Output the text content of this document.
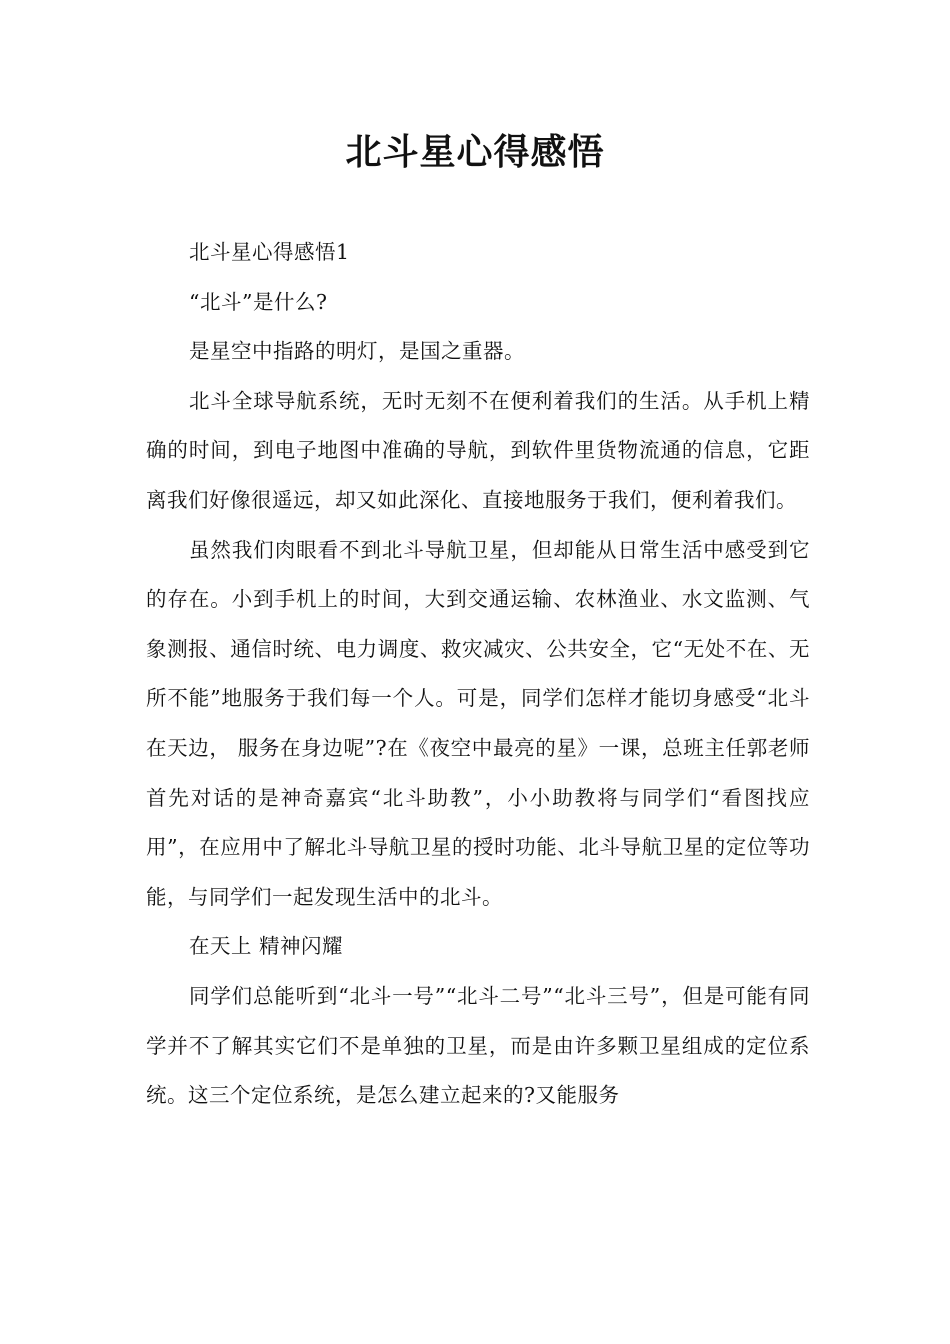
北斗星心得感悟

北斗星心得感悟1

“北斗”是什么?

是星空中指路的明灯，是国之重器。

北斗全球导航系统，无时无刻不在便利着我们的生活。从手机上精确的时间，到电子地图中准确的导航，到软件里货物流通的信息，它距离我们好像很遥远，却又如此深化、直接地服务于我们，便利着我们。

虽然我们肉眼看不到北斗导航卫星，但却能从日常生活中感受到它的存在。小到手机上的时间，大到交通运输、农林渔业、水文监测、气象测报、通信时统、电力调度、救灾减灾、公共安全，它“无处不在、无所不能”地服务于我们每一个人。可是，同学们怎样才能切身感受“北斗在天边， 服务在身边呢”?在《夜空中最亮的星》一课，总班主任郭老师首先对话的是神奇嘉宾“北斗助教”，小小助教将与同学们“看图找应用”，在应用中了解北斗导航卫星的授时功能、北斗导航卫星的定位等功能，与同学们一起发现生活中的北斗。

在天上 精神闪耀

同学们总能听到“北斗一号”“北斗二号”“北斗三号”，但是可能有同学并不了解其实它们不是单独的卫星，而是由许多颗卫星组成的定位系统。这三个定位系统，是怎么建立起来的?又能服务
